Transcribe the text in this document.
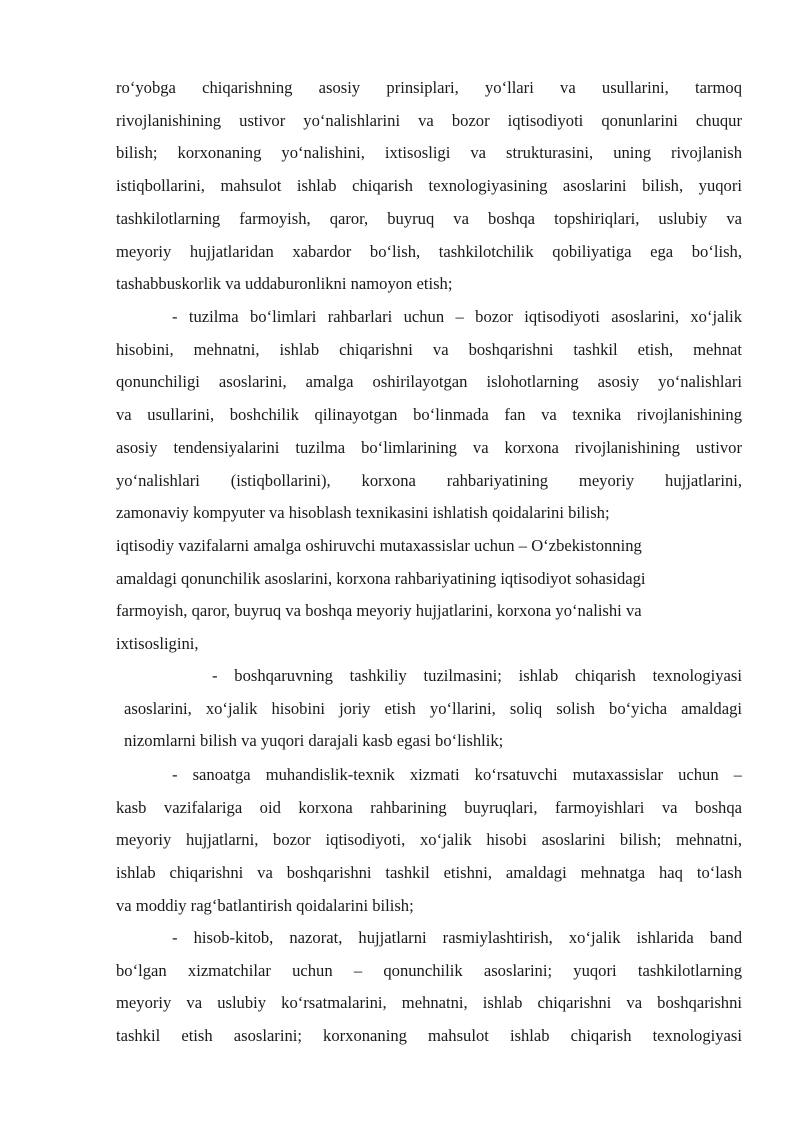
ro‘yobga chiqarishning asosiy prinsiplari, yo‘llari va usullarini, tarmoq
rivojlanishining ustivor yo‘nalishlarini va bozor iqtisodiyoti qonunlarini chuqur
bilish; korxonaning yo‘nalishini, ixtisosligi va strukturasini, uning rivojlanish
istiqbollarini, mahsulot ishlab chiqarish texnologiyasining asoslarini bilish, yuqori
tashkilotlarning farmoyish, qaror, buyruq va boshqa topshiriqlari, uslubiy va
meyoriy hujjatlaridan xabardor bo‘lish, tashkilotchilik qobiliyatiga ega bo‘lish,
tashabbuskorlik va uddaburonlikni namoyon etish;
- tuzilma bo‘limlari rahbarlari uchun – bozor iqtisodiyoti asoslarini, xo‘jalik
hisobini, mehnatni, ishlab chiqarishni va boshqarishni tashkil etish, mehnat
qonunchiligi asoslarini, amalga oshirilayotgan islohotlarning asosiy yo‘nalishlari
va usullarini, boshchilik qilinayotgan bo‘linmada fan va texnika rivojlanishining
asosiy tendensiyalarini tuzilma bo‘limlarining va korxona rivojlanishining ustivor
yo‘nalishlari (istiqbollarini), korxona rahbariyatining meyoriy hujjatlarini,
zamonaviy kompyuter va hisoblash texnikasini ishlatish qoidalarini bilish;
iqtisodiy vazifalarni amalga oshiruvchi mutaxassislar uchun – O‘zbekistonning
amaldagi qonunchilik asoslarini, korxona rahbariyatining iqtisodiyot sohasidagi
farmoyish, qaror, buyruq va boshqa meyoriy hujjatlarini, korxona yo‘nalishi va
ixtisosligini,
- boshqaruvning tashkiliy tuzilmasini; ishlab chiqarish texnologiyasi
asoslarini, xo‘jalik hisobini joriy etish yo‘llarini, soliq solish bo‘yicha amaldagi
nizomlarni bilish va yuqori darajali kasb egasi bo‘lishlik;
- sanoatga muhandislik-texnik xizmati ko‘rsatuvchi mutaxassislar uchun –
kasb vazifalariga oid korxona rahbarining buyruqlari, farmoyishlari va boshqa
meyoriy hujjatlarni, bozor iqtisodiyoti, xo‘jalik hisobi asoslarini bilish; mehnatni,
ishlab chiqarishni va boshqarishni tashkil etishni, amaldagi mehnatga haq to‘lash
va moddiy rag‘batlantirish qoidalarini bilish;
- hisob-kitob, nazorat, hujjatlarni rasmiylashtirish, xo‘jalik ishlarida band
bo‘lgan xizmatchilar uchun – qonunchilik asoslarini; yuqori tashkilotlarning
meyoriy va uslubiy ko‘rsatmalarini, mehnatni, ishlab chiqarishni va boshqarishni
tashkil etish asoslarini; korxonaning mahsulot ishlab chiqarish texnologiyasi
